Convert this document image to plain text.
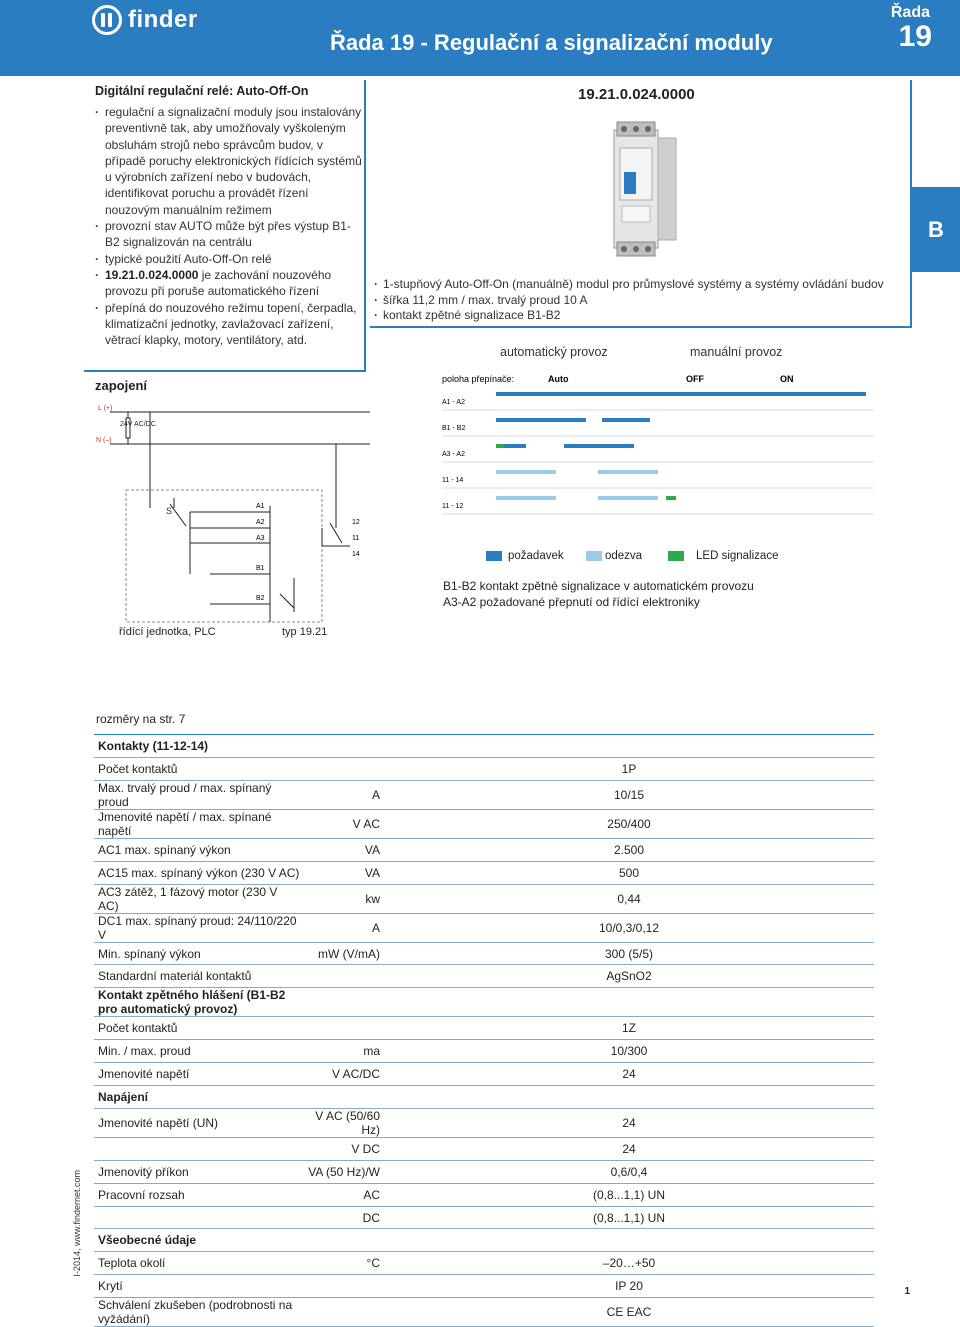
finder
Řada 19 - Regulační a signalizační moduly
Řada
19
B
Digitální regulační relé: Auto-Off-On
· regulační a signalizační moduly jsou instalovány preventivně tak, aby umožňovaly vyškoleným obsluhám strojů nebo správcům budov, v případě poruchy elektronických řídících systémů u výrobních zařízení nebo v budovách, identifikovat poruchu a provádět řízení nouzovým manuálním režimem
· provozní stav AUTO může být přes výstup B1-B2 signalizován na centrálu
· typické použití Auto-Off-On relé
· 19.21.0.024.0000 je zachování nouzového provozu při poruše automatického řízení
· přepíná do nouzového režimu topení, čerpadla, klimatizační jednotky, zavlažovací zařízení, větrací klapky, motory, ventilátory, atd.
19.21.0.024.0000
· 1-stupňový Auto-Off-On (manuálně) modul pro průmyslové systémy a systémy ovládání budov
· šířka 11,2 mm / max. trvalý proud 10 A
· kontakt zpětné signalizace B1-B2
zapojení
L (+)
N (–)
24V AC/DC
S	A1
A2
A3
B1
B2
12
11
14
řídící jednotka, PLC	typ 19.21
automatický provoz	manuální provoz
poloha přepínače:	Auto	OFF	ON
A1 - A2
B1 - B2
A3 - A2
11 - 14
11 - 12
požadavek	odezva	LED signalizace
B1-B2 kontakt zpětné signalizace v automatickém provozu
A3-A2 požadované přepnutí od řídící elektroniky
rozměry na str. 7
Kontakty (11-12-14)		
Počet kontaktů		1P
Max. trvalý proud / max. spínaný proud	A	10/15
Jmenovité napětí / max. spínané napětí	V AC	250/400
AC1 max. spínaný výkon	VA	2.500
AC15 max. spínaný výkon (230 V AC)	VA	500
AC3 zátěž, 1 fázový motor (230 V AC)	kw	0,44
DC1 max. spínaný proud: 24/110/220 V	A	10/0,3/0,12
Min. spínaný výkon	mW (V/mA)	300 (5/5)
Standardní materiál kontaktů		AgSnO2
Kontakt zpětného hlášení (B1-B2 pro automatický provoz)		
Počet kontaktů		1Z
Min. / max. proud	ma	10/300
Jmenovité napětí	V AC/DC	24
Napájení		
Jmenovité napětí (UN)	V AC (50/60 Hz)	24
	V DC	24
Jmenovitý příkon	VA (50 Hz)/W	0,6/0,4
Pracovní rozsah	AC	(0,8...1,1) UN
	DC	(0,8...1,1) UN
Všeobecné údaje		
Teplota okolí	°C	–20…+50
Krytí		IP 20
Schválení zkušeben (podrobnosti na vyžádání)		CE EAC
I-2014, www.findernet.com
1
